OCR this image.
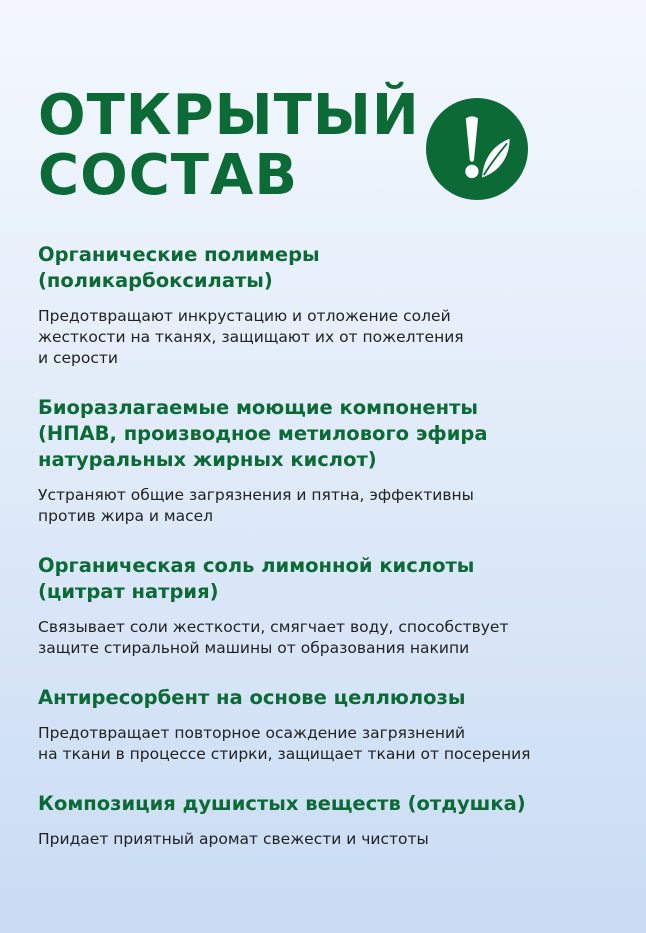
ОТКРЫТЫЙ
СОСТАВ
Органические полимеры
(поликарбоксилаты)

Предотвращают инкрустацию и отложение солей
жесткости на тканях, защищают их от пожелтения
и серости

Биоразлагаемые моющие компоненты
(НПАВ, производное метилового эфира
натуральных жирных кислот)

Устраняют общие загрязнения и пятна, эффективны
против жира и масел

Органическая соль лимонной кислоты
(цитрат натрия)

Связывает соли жесткости, смягчает воду, способствует
защите стиральной машины от образования накипи

Антиресорбент на основе целлюлозы

Предотвращает повторное осаждение загрязнений
на ткани в процессе стирки, защищает ткани от посерения

Композиция душистых веществ (отдушка)

Придает приятный аромат свежести и чистоты
